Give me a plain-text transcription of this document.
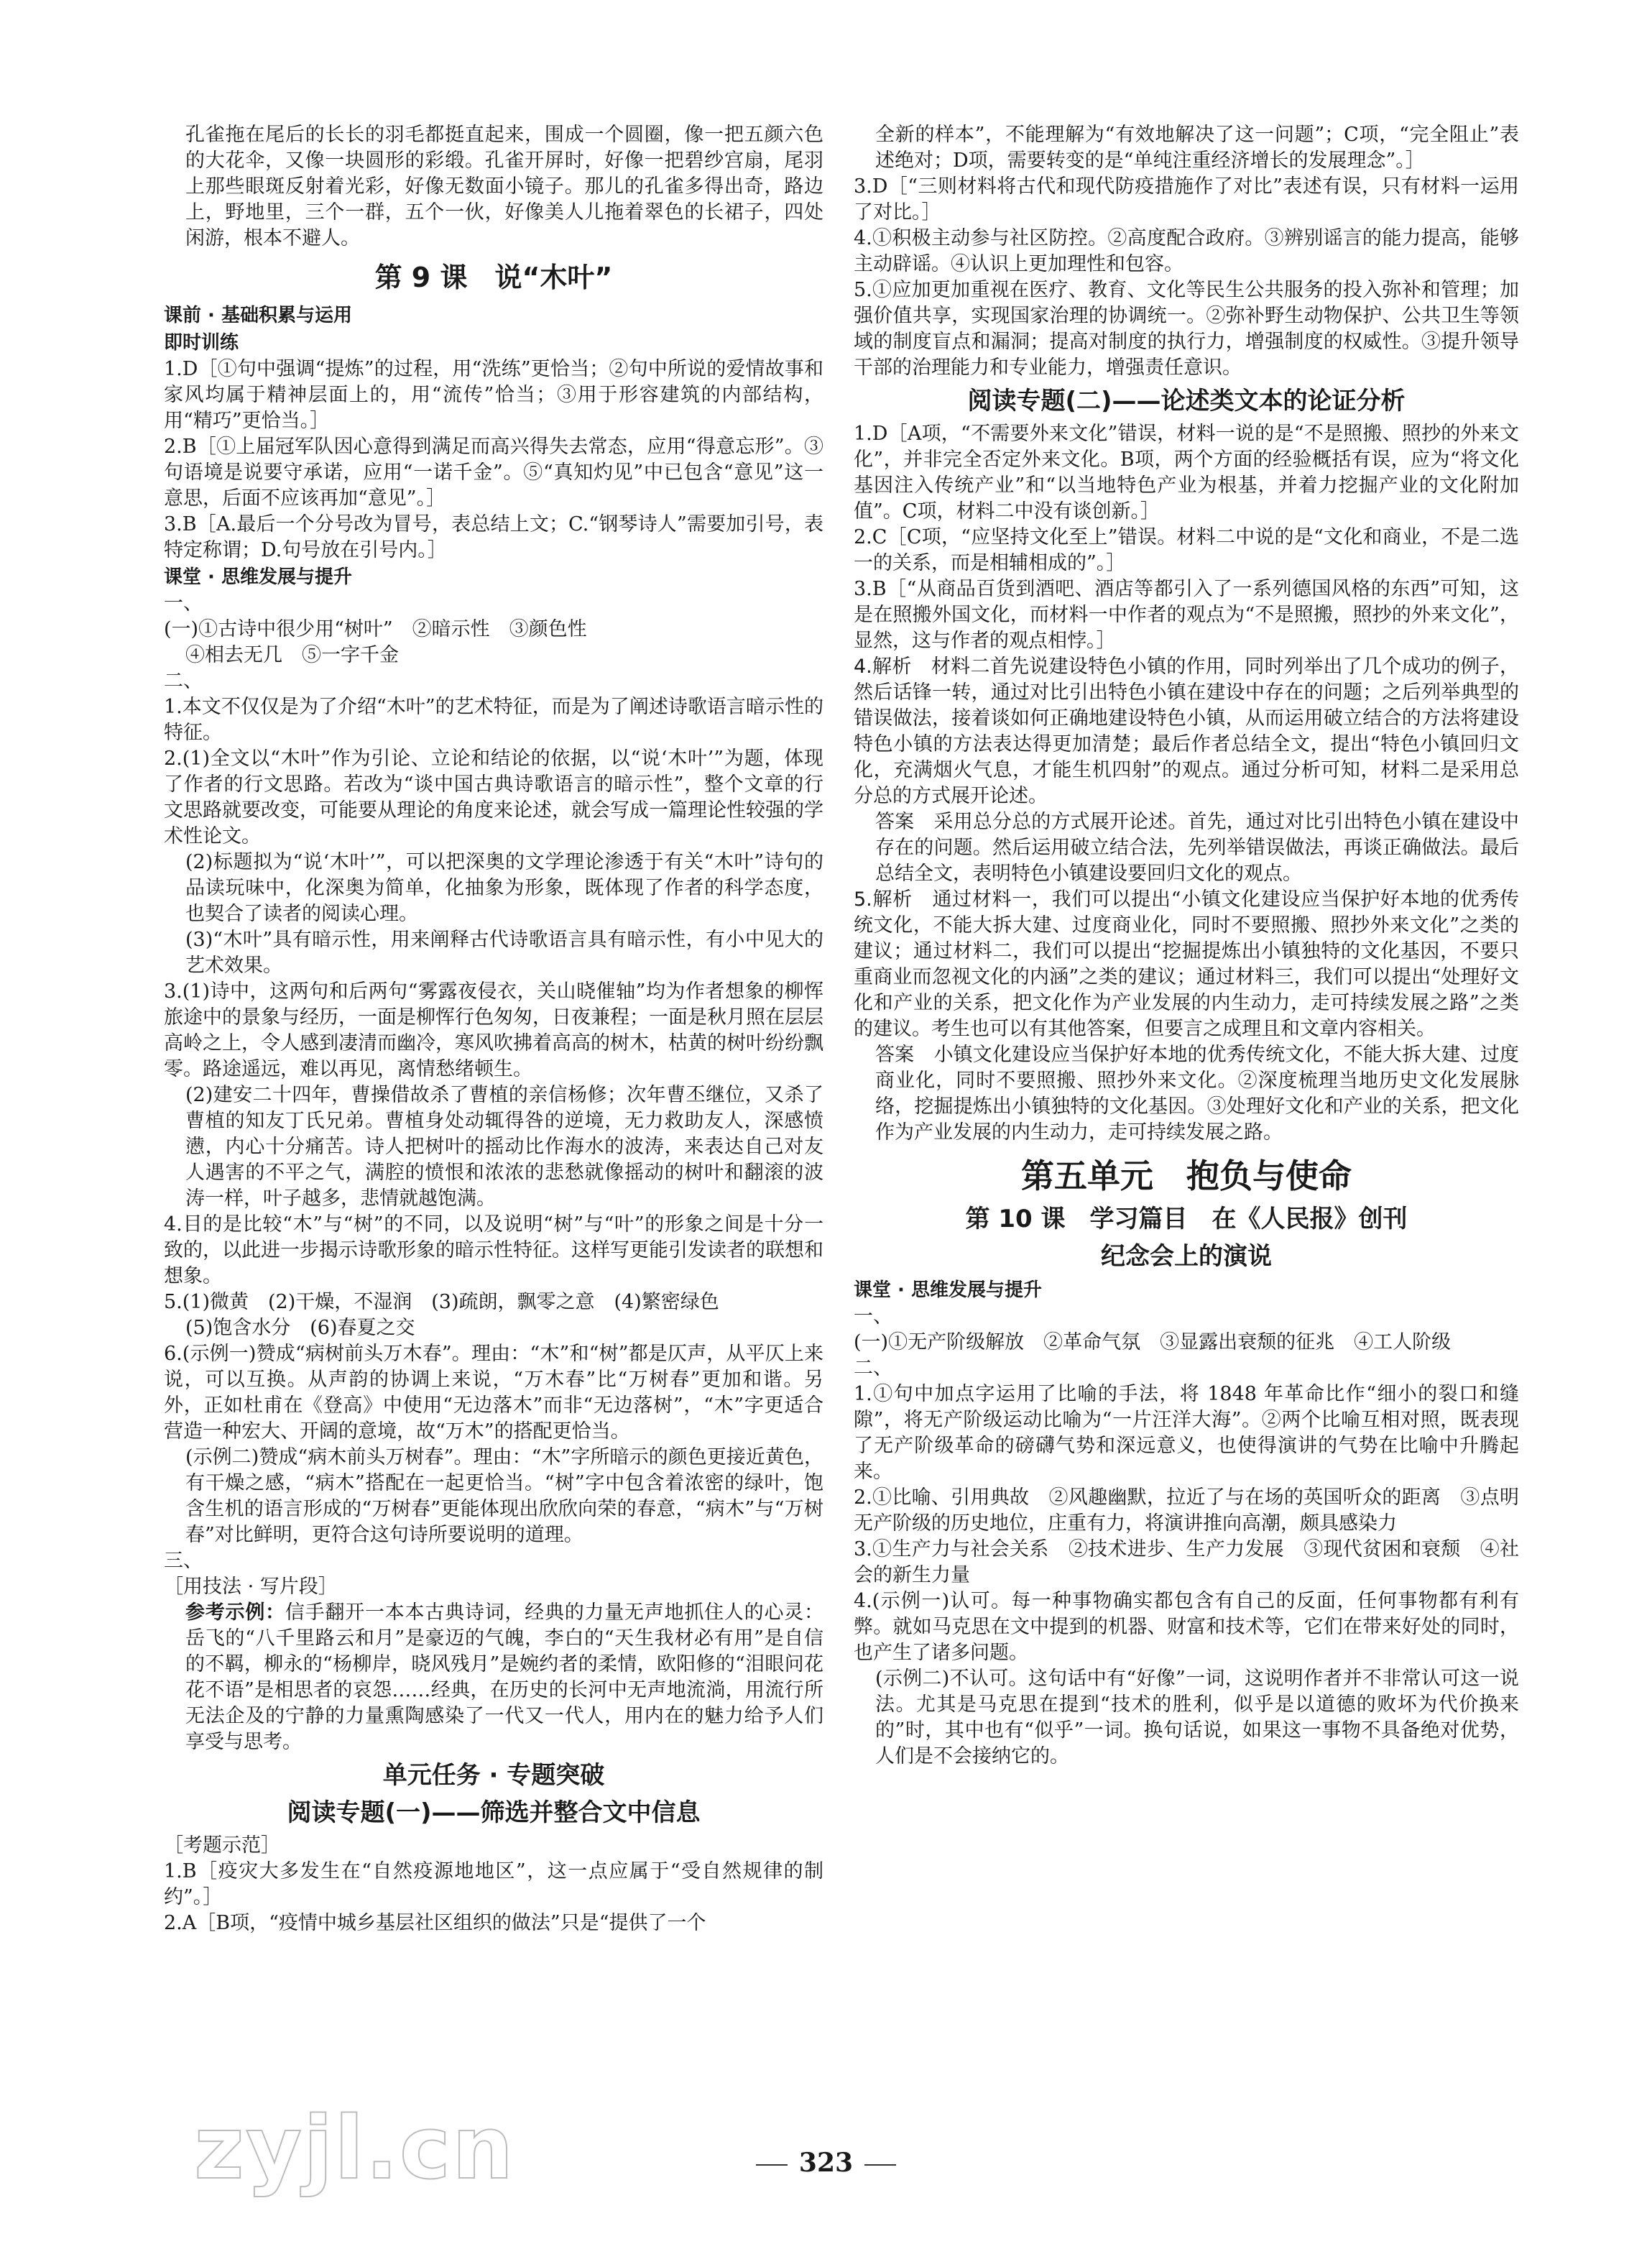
孔雀拖在尾后的长长的羽毛都挺直起来，围成一个圆圈，像一把五颜六色的大花伞，又像一块圆形的彩缎。孔雀开屏时，好像一把碧纱宫扇，尾羽上那些眼斑反射着光彩，好像无数面小镜子。那儿的孔雀多得出奇，路边上，野地里，三个一群，五个一伙，好像美人儿拖着翠色的长裙子，四处闲游，根本不避人。

第 9 课　说“木叶”
课前 · 基础积累与运用
即时训练

1.D［①句中强调“提炼”的过程，用“洗练”更恰当；②句中所说的爱情故事和家风均属于精神层面上的，用“流传”恰当；③用于形容建筑的内部结构，用“精巧”更恰当。］

2.B［①上届冠军队因心意得到满足而高兴得失去常态，应用“得意忘形”。③句语境是说要守承诺，应用“一诺千金”。⑤“真知灼见”中已包含“意见”这一意思，后面不应该再加“意见”。］

3.B［A.最后一个分号改为冒号，表总结上文；C.“钢琴诗人”需要加引号，表特定称谓；D.句号放在引号内。］

课堂 · 思维发展与提升

一、

(一)①古诗中很少用“树叶”　②暗示性　③颜色性

④相去无几　⑤一字千金

二、

1.本文不仅仅是为了介绍“木叶”的艺术特征，而是为了阐述诗歌语言暗示性的特征。

2.(1)全文以“木叶”作为引论、立论和结论的依据，以“说‘木叶’”为题，体现了作者的行文思路。若改为“谈中国古典诗歌语言的暗示性”，整个文章的行文思路就要改变，可能要从理论的角度来论述，就会写成一篇理论性较强的学术性论文。

(2)标题拟为“说‘木叶’”，可以把深奥的文学理论渗透于有关“木叶”诗句的品读玩味中，化深奥为简单，化抽象为形象，既体现了作者的科学态度，也契合了读者的阅读心理。

(3)“木叶”具有暗示性，用来阐释古代诗歌语言具有暗示性，有小中见大的艺术效果。

3.(1)诗中，这两句和后两句“雾露夜侵衣，关山晓催轴”均为作者想象的柳恽旅途中的景象与经历，一面是柳恽行色匆匆，日夜兼程；一面是秋月照在层层高岭之上，令人感到凄清而幽冷，寒风吹拂着高高的树木，枯黄的树叶纷纷飘零。路途遥远，难以再见，离情愁绪顿生。

(2)建安二十四年，曹操借故杀了曹植的亲信杨修；次年曹丕继位，又杀了曹植的知友丁氏兄弟。曹植身处动辄得咎的逆境，无力救助友人，深感愤懑，内心十分痛苦。诗人把树叶的摇动比作海水的波涛，来表达自己对友人遇害的不平之气，满腔的愤恨和浓浓的悲愁就像摇动的树叶和翻滚的波涛一样，叶子越多，悲情就越饱满。

4.目的是比较“木”与“树”的不同，以及说明“树”与“叶”的形象之间是十分一致的，以此进一步揭示诗歌形象的暗示性特征。这样写更能引发读者的联想和想象。

5.(1)微黄　(2)干燥，不湿润　(3)疏朗，飘零之意　(4)繁密绿色

(5)饱含水分　(6)春夏之交

6.(示例一)赞成“病树前头万木春”。理由：“木”和“树”都是仄声，从平仄上来说，可以互换。从声韵的协调上来说，“万木春”比“万树春”更加和谐。另外，正如杜甫在《登高》中使用“无边落木”而非“无边落树”，“木”字更适合营造一种宏大、开阔的意境，故“万木”的搭配更恰当。

(示例二)赞成“病木前头万树春”。理由：“木”字所暗示的颜色更接近黄色，有干燥之感，“病木”搭配在一起更恰当。“树”字中包含着浓密的绿叶，饱含生机的语言形成的“万树春”更能体现出欣欣向荣的春意，“病木”与“万树春”对比鲜明，更符合这句诗所要说明的道理。

三、

［用技法 · 写片段］

参考示例：信手翻开一本本古典诗词，经典的力量无声地抓住人的心灵：岳飞的“八千里路云和月”是豪迈的气魄，李白的“天生我材必有用”是自信的不羁，柳永的“杨柳岸，晓风残月”是婉约者的柔情，欧阳修的“泪眼问花花不语”是相思者的哀怨……经典，在历史的长河中无声地流淌，用流行所无法企及的宁静的力量熏陶感染了一代又一代人，用内在的魅力给予人们享受与思考。

单元任务 · 专题突破
阅读专题(一)——筛选并整合文中信息

［考题示范］

1.B［疫灾大多发生在“自然疫源地地区”，这一点应属于“受自然规律的制约”。］

2.A［B项，“疫情中城乡基层社区组织的做法”只是“提供了一个

全新的样本”，不能理解为“有效地解决了这一问题”；C项，“完全阻止”表述绝对；D项，需要转变的是“单纯注重经济增长的发展理念”。］

3.D［“三则材料将古代和现代防疫措施作了对比”表述有误，只有材料一运用了对比。］

4.①积极主动参与社区防控。②高度配合政府。③辨别谣言的能力提高，能够主动辟谣。④认识上更加理性和包容。

5.①应加更加重视在医疗、教育、文化等民生公共服务的投入弥补和管理；加强价值共享，实现国家治理的协调统一。②弥补野生动物保护、公共卫生等领域的制度盲点和漏洞；提高对制度的执行力，增强制度的权威性。③提升领导干部的治理能力和专业能力，增强责任意识。

阅读专题(二)——论述类文本的论证分析

1.D［A项，“不需要外来文化”错误，材料一说的是“不是照搬、照抄的外来文化”，并非完全否定外来文化。B项，两个方面的经验概括有误，应为“将文化基因注入传统产业”和“以当地特色产业为根基，并着力挖掘产业的文化附加值”。C项，材料二中没有谈创新。］

2.C［C项，“应坚持文化至上”错误。材料二中说的是“文化和商业，不是二选一的关系，而是相辅相成的”。］

3.B［“从商品百货到酒吧、酒店等都引入了一系列德国风格的东西”可知，这是在照搬外国文化，而材料一中作者的观点为“不是照搬，照抄的外来文化”，显然，这与作者的观点相悖。］

4.解析　 材料二首先说建设特色小镇的作用，同时列举出了几个成功的例子，然后话锋一转，通过对比引出特色小镇在建设中存在的问题；之后列举典型的错误做法，接着谈如何正确地建设特色小镇，从而运用破立结合的方法将建设特色小镇的方法表达得更加清楚；最后作者总结全文，提出“特色小镇回归文化，充满烟火气息，才能生机四射”的观点。通过分析可知，材料二是采用总分总的方式展开论述。

答案　 采用总分总的方式展开论述。首先，通过对比引出特色小镇在建设中存在的问题。然后运用破立结合法，先列举错误做法，再谈正确做法。最后总结全文，表明特色小镇建设要回归文化的观点。

5.解析　 通过材料一，我们可以提出“小镇文化建设应当保护好本地的优秀传统文化，不能大拆大建、过度商业化，同时不要照搬、照抄外来文化”之类的建议；通过材料二，我们可以提出“挖掘提炼出小镇独特的文化基因，不要只重商业而忽视文化的内涵”之类的建议；通过材料三，我们可以提出“处理好文化和产业的关系，把文化作为产业发展的内生动力，走可持续发展之路”之类的建议。考生也可以有其他答案，但要言之成理且和文章内容相关。

答案　 小镇文化建设应当保护好本地的优秀传统文化，不能大拆大建、过度商业化，同时不要照搬、照抄外来文化。②深度梳理当地历史文化发展脉络，挖掘提炼出小镇独特的文化基因。③处理好文化和产业的关系，把文化作为产业发展的内生动力，走可持续发展之路。

第五单元　抱负与使命
第 10 课　学习篇目　在《人民报》创刊
纪念会上的演说
课堂 · 思维发展与提升

一、

(一)①无产阶级解放　②革命气氛　③显露出衰颓的征兆　④工人阶级

二、

1.①句中加点字运用了比喻的手法，将 1848 年革命比作“细小的裂口和缝隙”，将无产阶级运动比喻为“一片汪洋大海”。②两个比喻互相对照，既表现了无产阶级革命的磅礴气势和深远意义，也使得演讲的气势在比喻中升腾起来。

2.①比喻、引用典故　②风趣幽默，拉近了与在场的英国听众的距离　③点明无产阶级的历史地位，庄重有力，将演讲推向高潮，颇具感染力

3.①生产力与社会关系　②技术进步、生产力发展　③现代贫困和衰颓　④社会的新生力量

4.(示例一)认可。每一种事物确实都包含有自己的反面，任何事物都有利有弊。就如马克思在文中提到的机器、财富和技术等，它们在带来好处的同时，也产生了诸多问题。

(示例二)不认可。这句话中有“好像”一词，这说明作者并不非常认可这一说法。尤其是马克思在提到“技术的胜利，似乎是以道德的败坏为代价换来的”时，其中也有“似乎”一词。换句话说，如果这一事物不具备绝对优势，人们是不会接纳它的。

zyjl.cn	323
